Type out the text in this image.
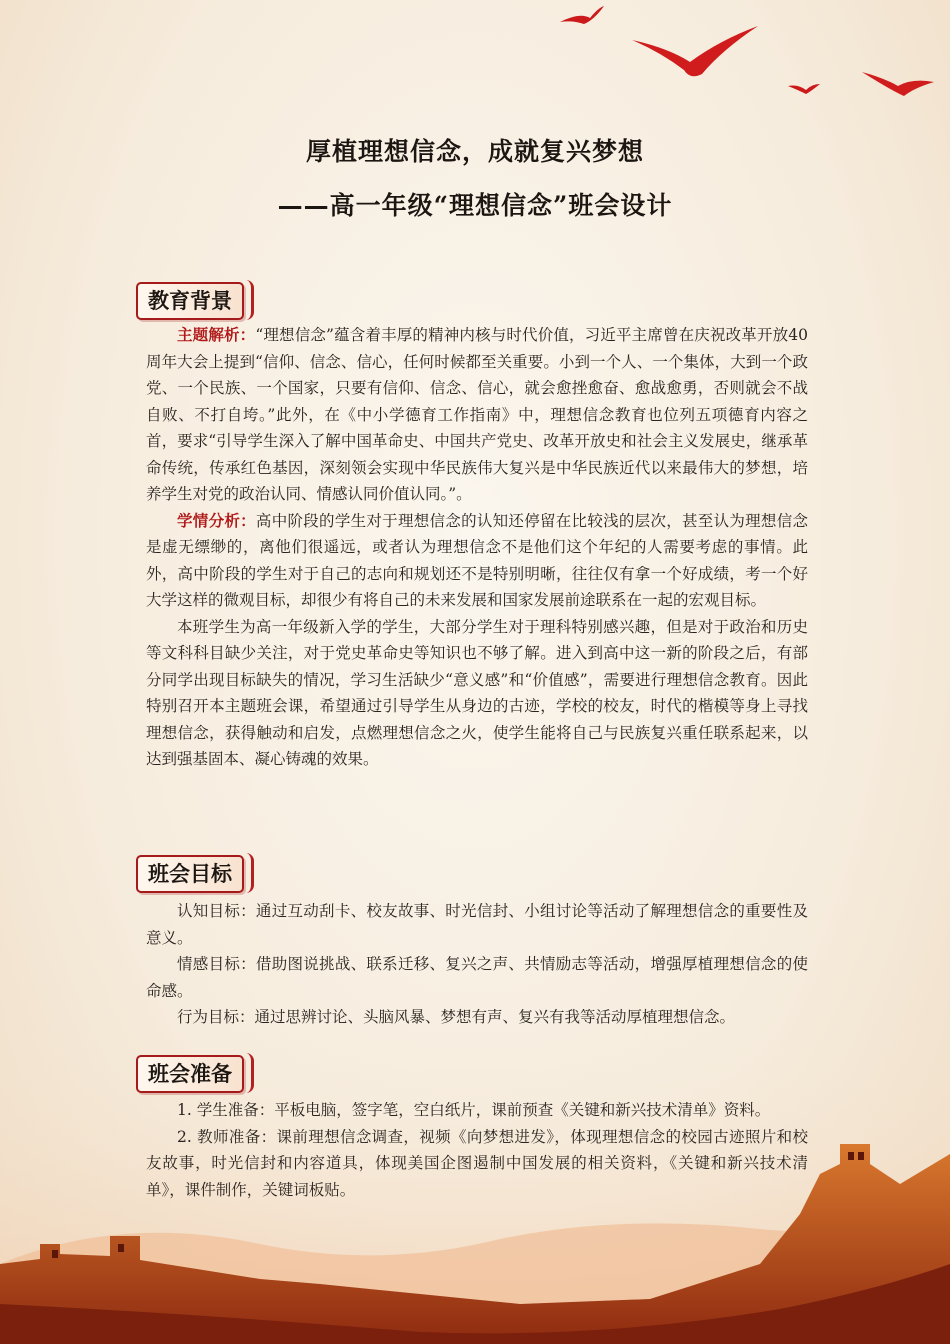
厚植理想信念，成就复兴梦想
——高一年级“理想信念”班会设计
教育背景

主题解析：“理想信念”蕴含着丰厚的精神内核与时代价值，习近平主席曾在庆祝改革开放40周年大会上提到“信仰、信念、信心，任何时候都至关重要。小到一个人、一个集体，大到一个政党、一个民族、一个国家，只要有信仰、信念、信心，就会愈挫愈奋、愈战愈勇，否则就会不战自败、不打自垮。”此外，在《中小学德育工作指南》中，理想信念教育也位列五项德育内容之首，要求“引导学生深入了解中国革命史、中国共产党史、改革开放史和社会主义发展史，继承革命传统，传承红色基因，深刻领会实现中华民族伟大复兴是中华民族近代以来最伟大的梦想，培养学生对党的政治认同、情感认同价值认同。”。

学情分析：高中阶段的学生对于理想信念的认知还停留在比较浅的层次，甚至认为理想信念是虚无缥缈的，离他们很遥远，或者认为理想信念不是他们这个年纪的人需要考虑的事情。此外，高中阶段的学生对于自己的志向和规划还不是特别明晰，往往仅有拿一个好成绩，考一个好大学这样的微观目标，却很少有将自己的未来发展和国家发展前途联系在一起的宏观目标。

本班学生为高一年级新入学的学生，大部分学生对于理科特别感兴趣，但是对于政治和历史等文科科目缺少关注，对于党史革命史等知识也不够了解。进入到高中这一新的阶段之后，有部分同学出现目标缺失的情况，学习生活缺少“意义感”和“价值感”，需要进行理想信念教育。因此特别召开本主题班会课，希望通过引导学生从身边的古迹，学校的校友，时代的楷模等身上寻找理想信念，获得触动和启发，点燃理想信念之火，使学生能将自己与民族复兴重任联系起来，以达到强基固本、凝心铸魂的效果。

班会目标

认知目标：通过互动刮卡、校友故事、时光信封、小组讨论等活动了解理想信念的重要性及意义。

情感目标：借助图说挑战、联系迁移、复兴之声、共情励志等活动，增强厚植理想信念的使命感。

行为目标：通过思辨讨论、头脑风暴、梦想有声、复兴有我等活动厚植理想信念。

班会准备

1. 学生准备：平板电脑，签字笔，空白纸片，课前预查《关键和新兴技术清单》资料。

2. 教师准备：课前理想信念调查，视频《向梦想进发》，体现理想信念的校园古迹照片和校友故事，时光信封和内容道具，体现美国企图遏制中国发展的相关资料，《关键和新兴技术清单》，课件制作，关键词板贴。
